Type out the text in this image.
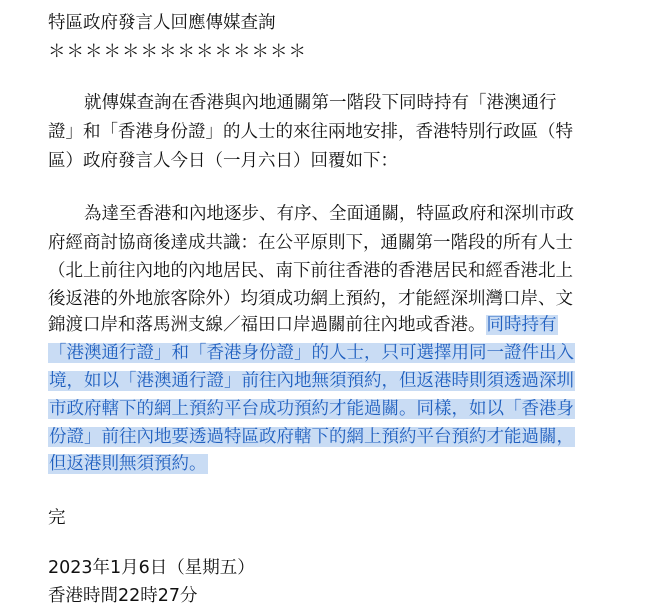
特區政府發言人回應傳媒查詢
＊＊＊＊＊＊＊＊＊＊＊＊＊＊
就傳媒查詢在香港與內地通關第一階段下同時持有「港澳通行
證」和「香港身份證」的人士的來往兩地安排，香港特別行政區（特
區）政府發言人今日（一月六日）回覆如下：
為達至香港和內地逐步、有序、全面通關，特區政府和深圳市政
府經商討協商後達成共識：在公平原則下，通關第一階段的所有人士
（北上前往內地的內地居民、南下前往香港的香港居民和經香港北上
後返港的外地旅客除外）均須成功網上預約，才能經深圳灣口岸、文
錦渡口岸和落馬洲支線／福田口岸過關前往內地或香港。同時持有
「港澳通行證」和「香港身份證」的人士，只可選擇用同一證件出入
境，如以「港澳通行證」前往內地無須預約，但返港時則須透過深圳
市政府轄下的網上預約平台成功預約才能過關。同樣，如以「香港身
份證」前往內地要透過特區政府轄下的網上預約平台預約才能過關，
但返港則無須預約。
完
2023年1月6日（星期五）
香港時間22時27分
